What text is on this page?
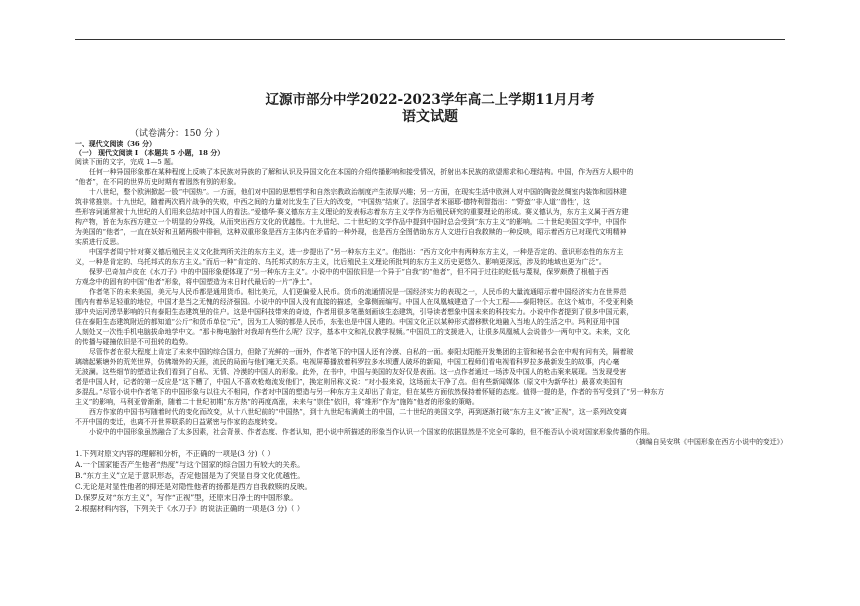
辽源市部分中学2022-2023学年高二上学期11月月考
语文试题
（试卷满分：150 分 ）
一、现代文阅读（36 分）
（一） 现代文阅读 I （本题共 5 小题，18 分）
阅读下面的文字，完成 1—5 题。
任何一种异国形象都在某种程度上反映了本民族对异族的了解和认识及异国文化在本国的介绍传播影响和接受情况，折射出本民族的欲望需求和心理结构。中国，作为西方人眼中的
“他者”，在不同的世界历史时期有着迥然有别的形象。
十八世纪，整个欧洲掀起一股“中国热”。一方面，他们对中国的思想哲学和自然宗教政治制度产生浓厚兴趣；另一方面，在现实生活中欧洲人对中国的陶瓷丝绸室内装饰和园林建
筑非常推崇。十九世纪，随着两次鸦片战争的失败，中西之间的力量对比发生了巨大的改变，“中国热”结束了。法国学者米丽耶·德特利智指出：“‘野蛮’‘非人道’‘兽性’，这
些形容词通常被十九世纪的人们用来总结对中国人的看法。”爱德华·赛义德东方主义理论的发表标志着东方主义学作为后殖民研究的重要理论的形成。赛义德认为，东方主义属于西方建
构产物，旨在为东西方建立一个明显的分界线，从而突出西方文化的优越性。十九世纪、二十世纪的文学作品中提到中国时总会受到“东方主义”的影响。二十世纪美国文学中，中国作
为美国的“他者”，一直在妖好和丑陋两极中徘徊，这种双重形象是西方主体内在矛盾的一种外现，也是西方全图借助东方人文进行自我救赎的一种反映，昭示着西方已对现代文明精神
实质进行反思。
中国学者周宁针对赛义德后殖民主义文化批判所关注的东方主义，进一步提出了“另一种东方主义”。他指出：“西方文化中有两种东方主义，一种是否定的、意识形态性的东方主
义，一种是肯定的、乌托邦式的东方主义。”而后一种“肯定的、乌托邦式的东方主义，比后殖民主义理论所批判的东方主义历史更悠久、影响更深远，涉及的地域也更为广泛”。
保罗·巴奇加卢皮在《水刀子》中的中国形象便体现了“另一种东方主义”。小说中的中国依旧是一个异于“自我”的“他者”，但不同于过往的贬低与蔑视，保罗颇费了根植于西
方观念中的固有的中国“他者”形象，将中国塑造为末日时代最后的一片“净土”。
作者笔下的未来美国，美元与人民币都是通用货币。相比美元，人们更偏爱人民币。货币的流通情况是一国经济实力的表现之一，人民币的大量流通昭示着中国经济实力在世界范
围内有着举足轻重的地位，中国才是当之无愧的经济强国。小说中的中国人没有直接的描述，全靠侧面编写。中国人在凤凰城建造了一个大工程——泰阳特区。在这个城市，不受亚利桑
那中央运河涝旱影响的只有泰阳生态建筑里的住户。这是中国科技带来的奇迹，作者用很多笔墨刻画该生态建筑，引导读者想象中国未来的科技实力。小说中作者提到了很多中国元素，
住在泰阳生态建筑附近的都知道“公斤”和货币单位“元”，因为工人领的都是人民币，东张也是中国人建的。中国文化正以某种形式潜移默化地融入当地人的生活之中。玛利亚用中国
人刻处又一次性手机电脑拔命地学中文。“那卡梅电脑针对我却有些什么呢？汉字，基本中文和礼仪教学视频。”中国员工的支援进入，让很多凤凰城人会说普少一两句中文。未来，文化
的传播与碰撞依旧是不可扭转的趋势。
尽管作者在很大程度上肯定了未来中国的综合国力，但除了光鲜的一面外，作者笔下的中国人还有冷漠、自私的一面。泰阳太阳能开发集团的主管和秘书会在中观有问有关，隔着玻
璃端起紫塘外的荒芜世界，仿佛端外的天涯，流民的局面与他们毫无关系。电视屏幕播放着科罗拉多水坝遭人破坏的新闻，中国工程师们看电视看科罗拉多最新发生的故事，内心毫
无波澜。这些细节的塑造让我们看到了自私、无情、冷漠的中国人的形象。此外，在书中，中国与美国的友好仅是表面。这一点作者通过一场涉及中国人的枪击案来展现。当发现受害
者是中国人时，记者的第一反应是“这下糟了，中国人不喜欢枪炮流发他们”，换定则吊称义说：“对小报来说，这场面太干净了点。但有些新闻媒体（原文中为新华社）最喜欢美国有
多混乱。”尽管小说中作者笔下的中国形象与以往大不相同，作者对中国的塑造与另一种东方主义却出了肯定，但在某些方面依然保持着怀疑的态度。值得一提的是，作者的书写受到了“另一种东方
主义”的影响，马利亚曾渐渐，随着二十世纪初期“东方热”的再度高涨，未来与“崇佳”依旧，将“维形”作为“施阵”他者的形象的策略。
西方作家的中国书写随着时代的变化而改变，从十八世纪前的“中国热”，到十九世纪布满黄土的中国，二十世纪的美国文学，再到逐渐打破“东方主义”被“正视”，这一系列改变离
不开中国的变迁，也离不开世界联系的日益紧密与作家的态度转变。
小说中的中国形象虽然融合了太多因素，社会背景、作者态度、作者认知，把小说中所描述的形象当作认识一个国家的依据显然是不完全可靠的，但不能否认小说对国家形象传播的作用。
（摘编自吴安琪《中国形象在西方小说中的变迁》）
1.下列对原文内容的理解和分析，不正确的一项是(3 分)（ ）
A.一个国家能否产生他者“热度”与这个国家的综合国力有较大的关系。
B.“东方主义”立足于意识形态，否定他国是为了突显自身文化优越性。
C.无论是对显性他者的抑还是对隐性他者的扬都是西方自我救赎的反映。
D.保罗反对“东方主义”，写作“正视”型，还原末日净土的中国形象。
2.根据材料内容，下列关于《水刀子》的说法正确的一项是(3 分)（ ）
